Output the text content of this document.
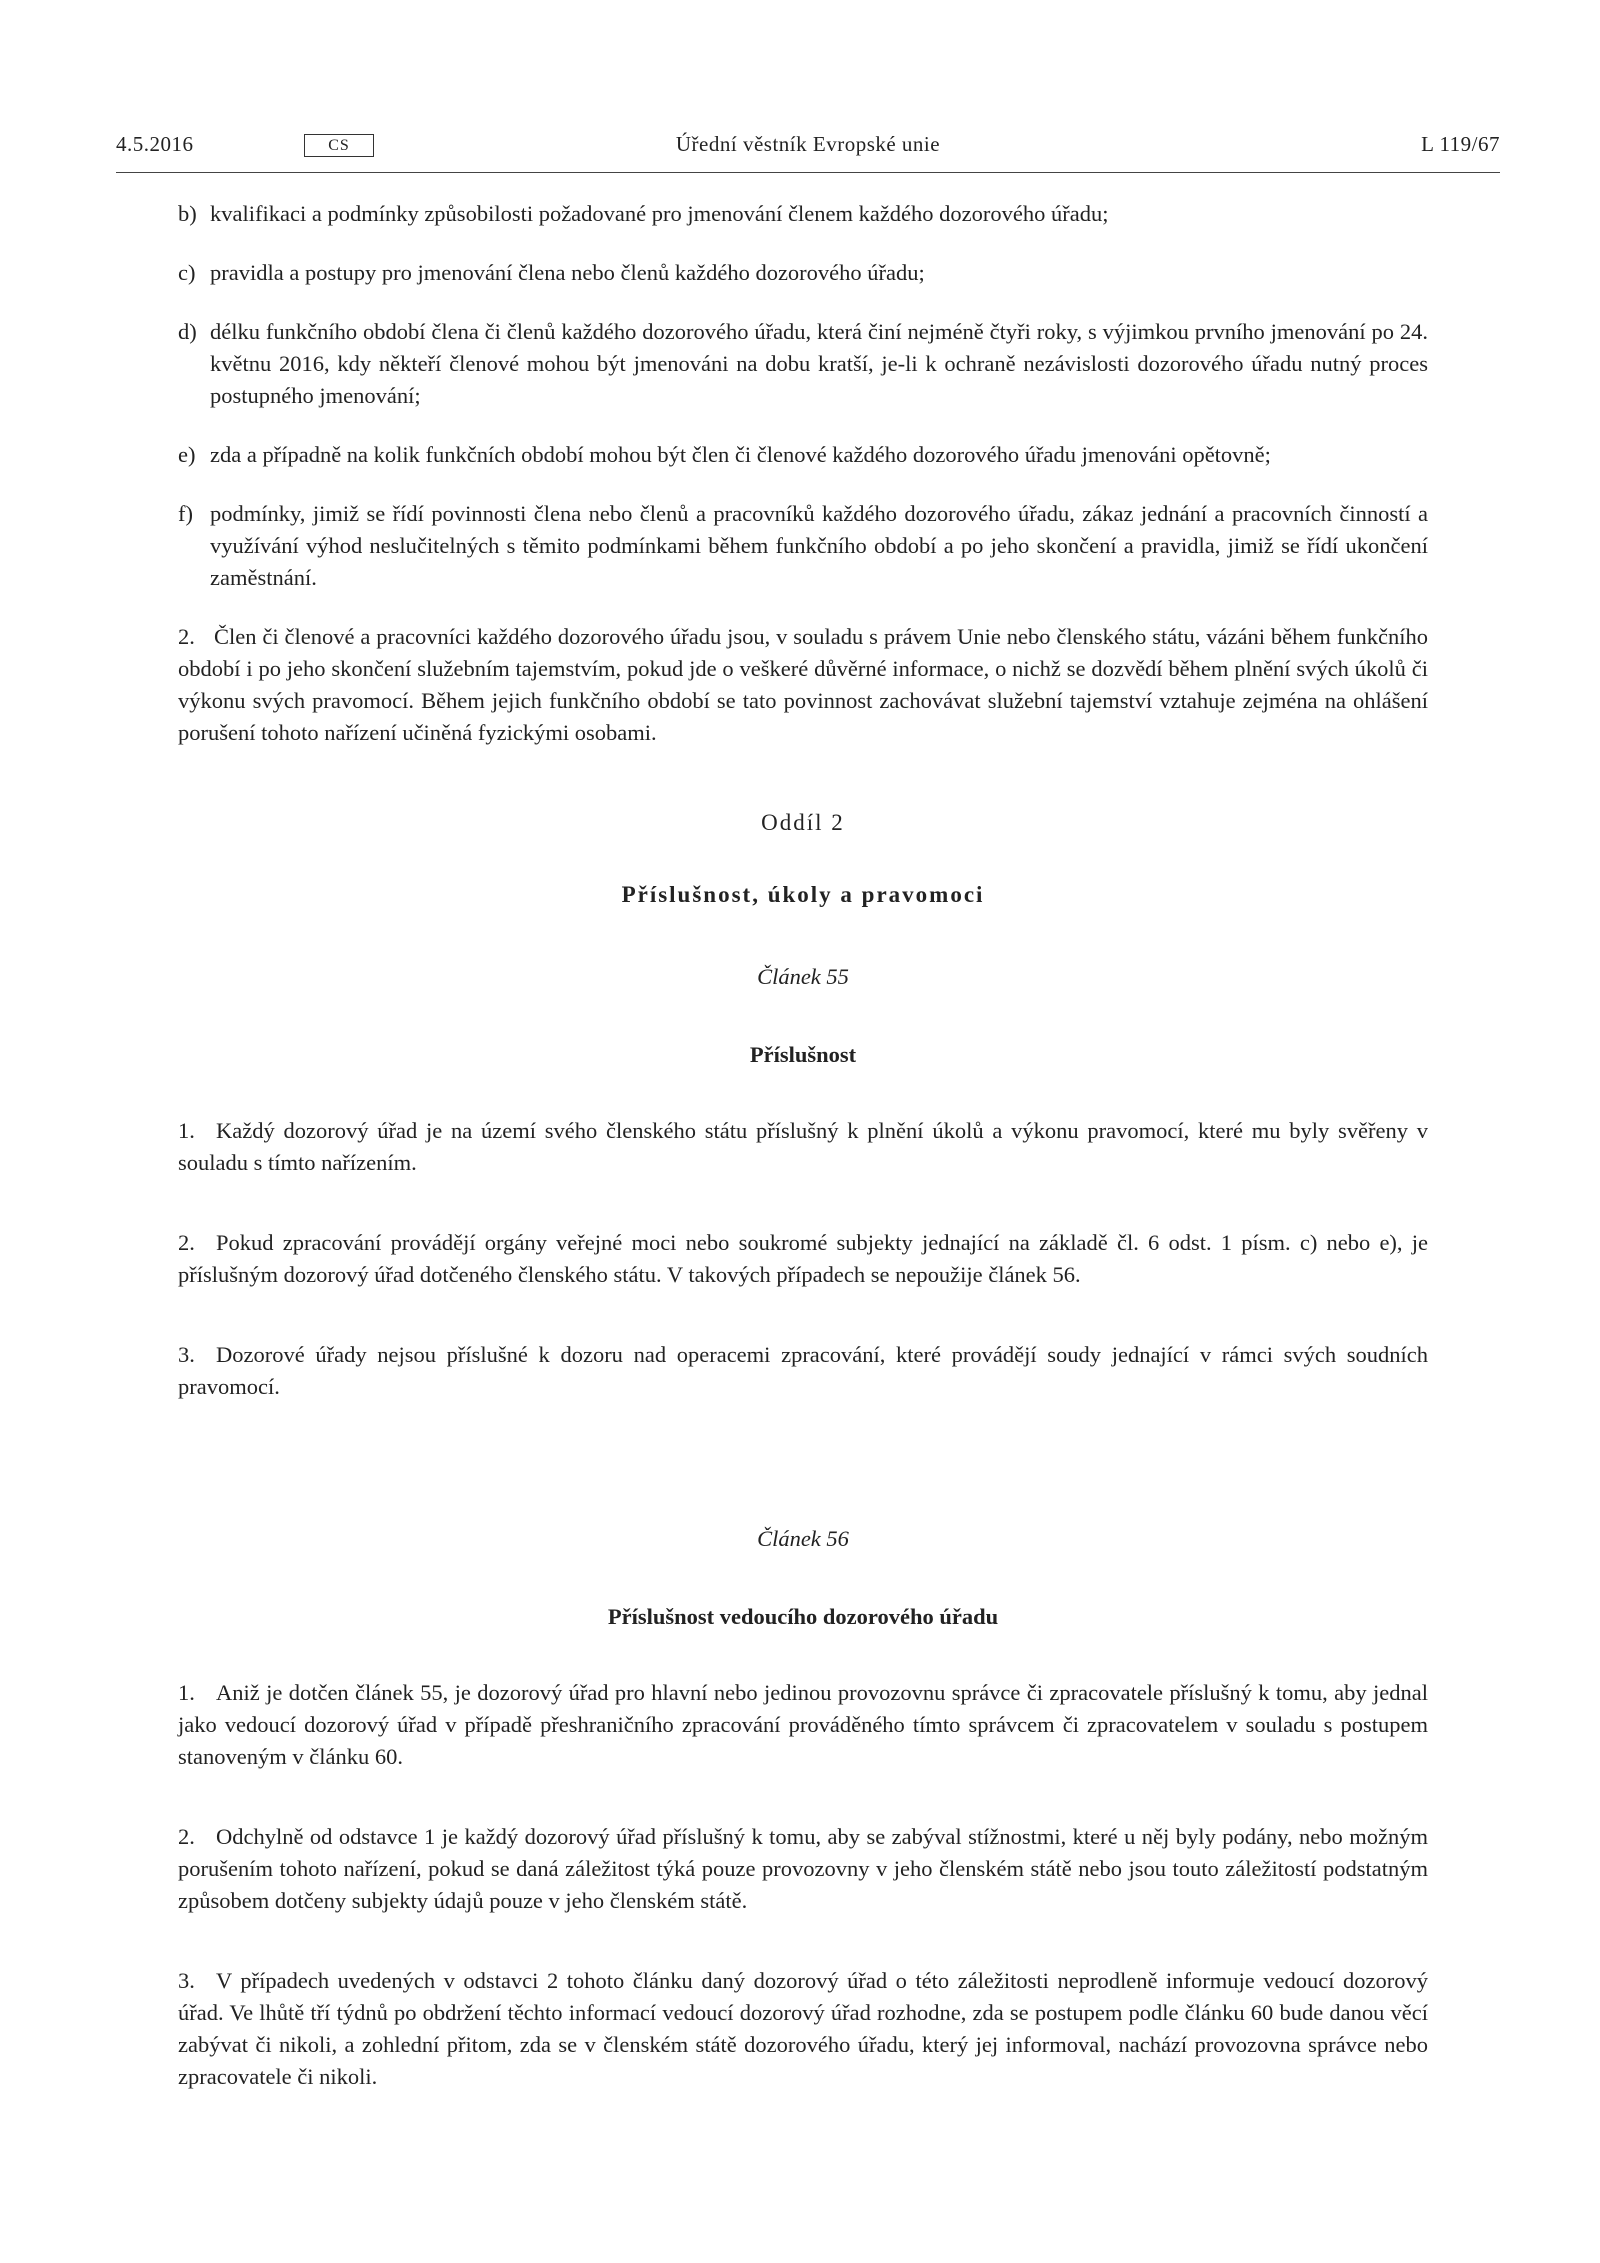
Úřední věstník Evropské unie
4.5.2016	CS	L 119/67
b) kvalifikaci a podmínky způsobilosti požadované pro jmenování členem každého dozorového úřadu;
c) pravidla a postupy pro jmenování člena nebo členů každého dozorového úřadu;
d) délku funkčního období člena či členů každého dozorového úřadu, která činí nejméně čtyři roky, s výjimkou prvního jmenování po 24. květnu 2016, kdy někteří členové mohou být jmenováni na dobu kratší, je-li k ochraně nezávislosti dozorového úřadu nutný proces postupného jmenování;
e) zda a případně na kolik funkčních období mohou být člen či členové každého dozorového úřadu jmenováni opětovně;
f) podmínky, jimiž se řídí povinnosti člena nebo členů a pracovníků každého dozorového úřadu, zákaz jednání a pracovních činností a využívání výhod neslučitelných s těmito podmínkami během funkčního období a po jeho skončení a pravidla, jimiž se řídí ukončení zaměstnání.

2. Člen či členové a pracovníci každého dozorového úřadu jsou, v souladu s právem Unie nebo členského státu, vázáni během funkčního období i po jeho skončení služebním tajemstvím, pokud jde o veškeré důvěrné informace, o nichž se dozvědí během plnění svých úkolů či výkonu svých pravomocí. Během jejich funkčního období se tato povinnost zachovávat služební tajemství vztahuje zejména na ohlášení porušení tohoto nařízení učiněná fyzickými osobami.

Oddíl 2
Příslušnost, úkoly a pravomoci
Článek 55
Příslušnost

1. Každý dozorový úřad je na území svého členského státu příslušný k plnění úkolů a výkonu pravomocí, které mu byly svěřeny v souladu s tímto nařízením.

2. Pokud zpracování provádějí orgány veřejné moci nebo soukromé subjekty jednající na základě čl. 6 odst. 1 písm. c) nebo e), je příslušným dozorový úřad dotčeného členského státu. V takových případech se nepoužije článek 56.

3. Dozorové úřady nejsou příslušné k dozoru nad operacemi zpracování, které provádějí soudy jednající v rámci svých soudních pravomocí.

Článek 56
Příslušnost vedoucího dozorového úřadu

1. Aniž je dotčen článek 55, je dozorový úřad pro hlavní nebo jedinou provozovnu správce či zpracovatele příslušný k tomu, aby jednal jako vedoucí dozorový úřad v případě přeshraničního zpracování prováděného tímto správcem či zpracovatelem v souladu s postupem stanoveným v článku 60.

2. Odchylně od odstavce 1 je každý dozorový úřad příslušný k tomu, aby se zabýval stížnostmi, které u něj byly podány, nebo možným porušením tohoto nařízení, pokud se daná záležitost týká pouze provozovny v jeho členském státě nebo jsou touto záležitostí podstatným způsobem dotčeny subjekty údajů pouze v jeho členském státě.

3. V případech uvedených v odstavci 2 tohoto článku daný dozorový úřad o této záležitosti neprodleně informuje vedoucí dozorový úřad. Ve lhůtě tří týdnů po obdržení těchto informací vedoucí dozorový úřad rozhodne, zda se postupem podle článku 60 bude danou věcí zabývat či nikoli, a zohlední přitom, zda se v členském státě dozorového úřadu, který jej informoval, nachází provozovna správce nebo zpracovatele či nikoli.
